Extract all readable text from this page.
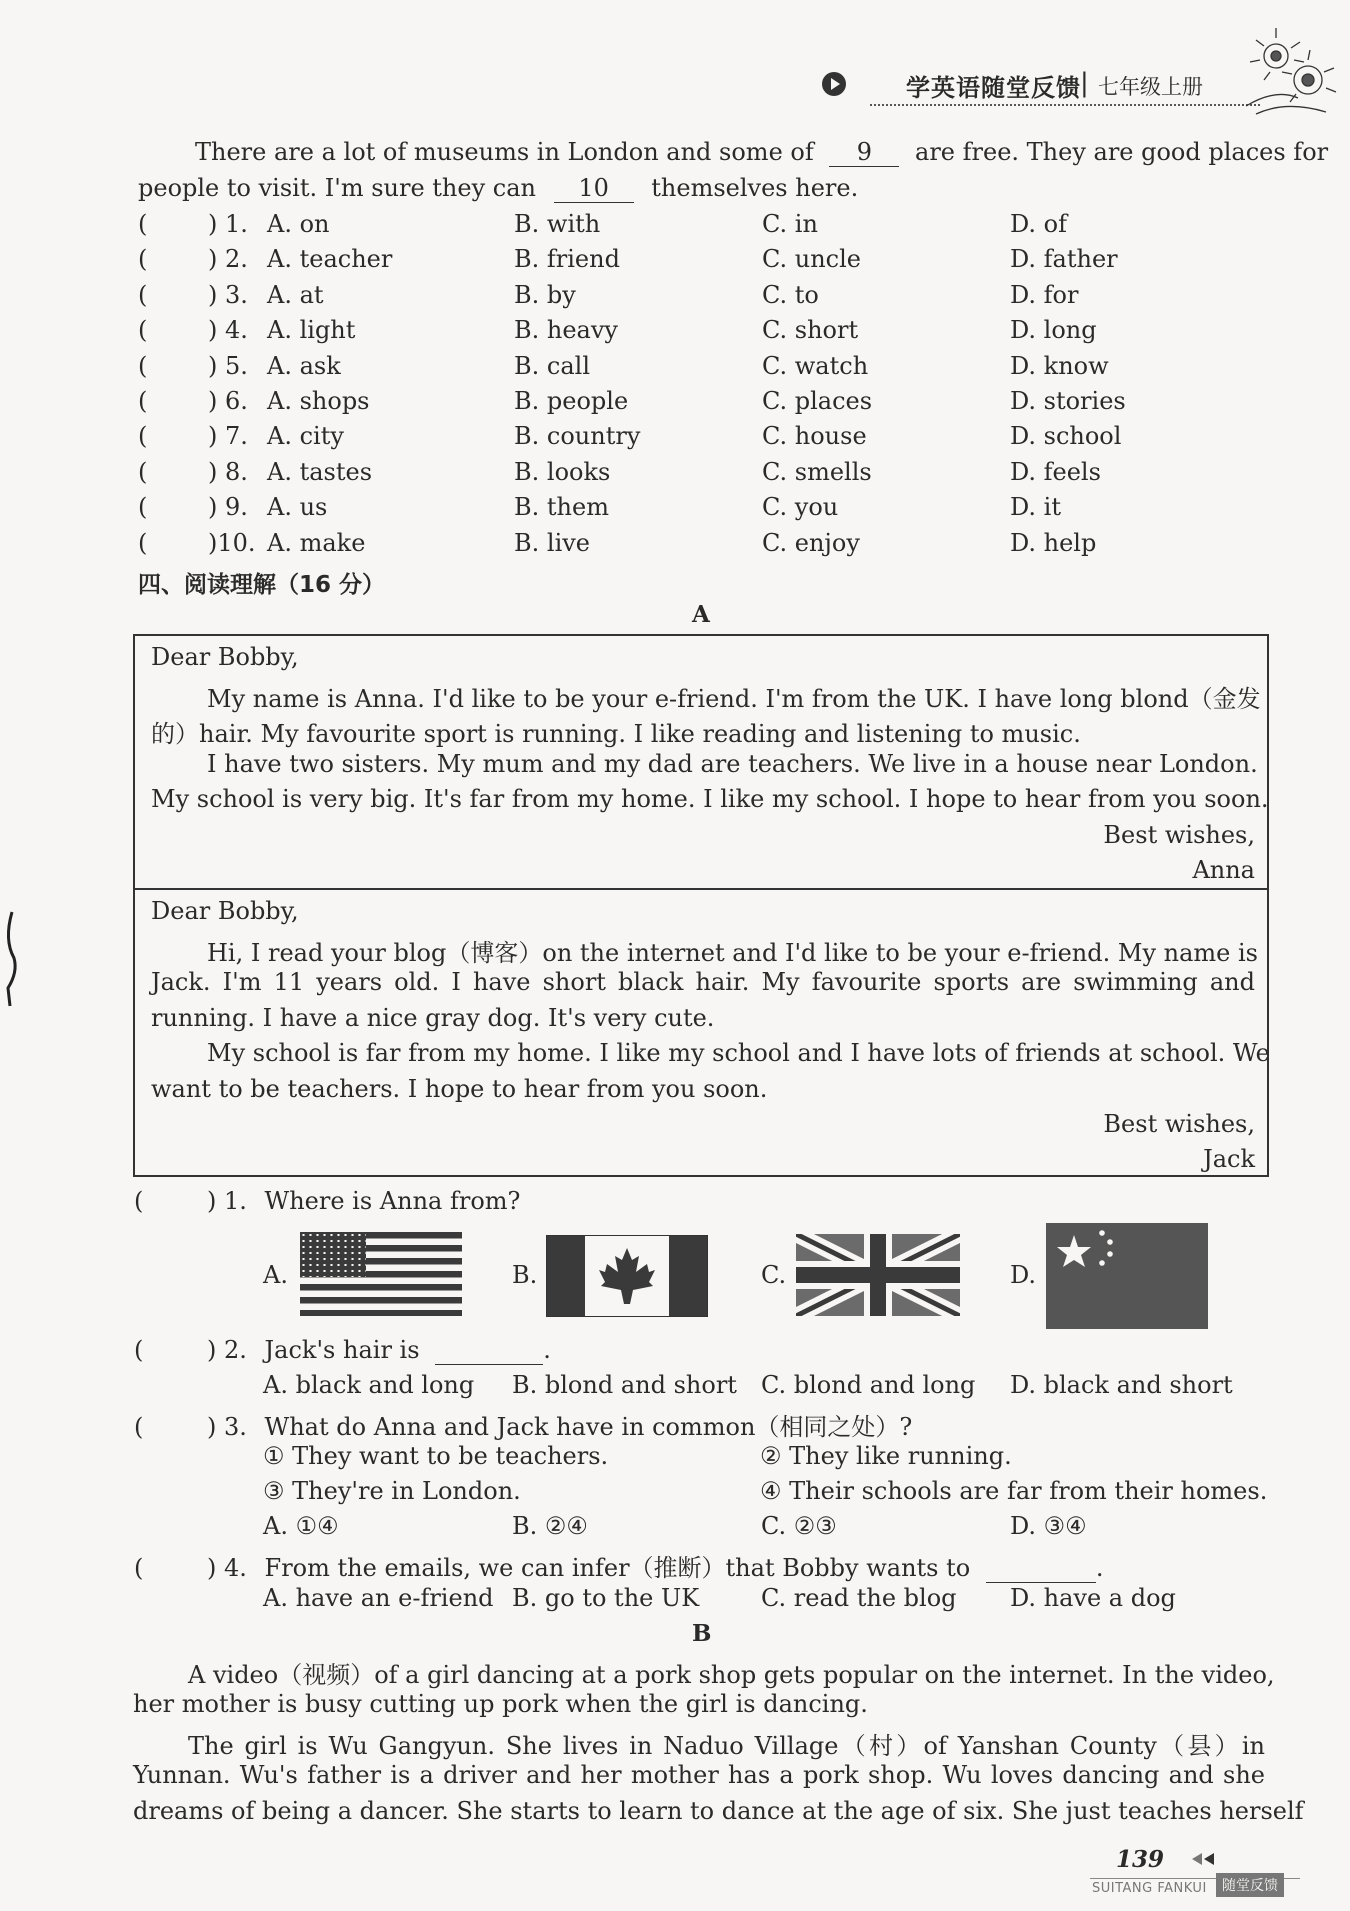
学英语随堂反馈 | 七年级上册
There are a lot of museums in London and some of 9 are free. They are good places for
people to visit. I'm sure they can 10 themselves here.
(	) 1. A. on	B. with	C. in	D. of
(	) 2. A. teacher	B. friend	C. uncle	D. father
(	) 3. A. at	B. by	C. to	D. for
(	) 4. A. light	B. heavy	C. short	D. long
(	) 5. A. ask	B. call	C. watch	D. know
(	) 6. A. shops	B. people	C. places	D. stories
(	) 7. A. city	B. country	C. house	D. school
(	) 8. A. tastes	B. looks	C. smells	D. feels
(	) 9. A. us	B. them	C. you	D. it
(	)10. A. make	B. live	C. enjoy	D. help
四、阅读理解（16 分）
A
Dear Bobby,
My name is Anna. I'd like to be your e-friend. I'm from the UK. I have long blond（金发
的）hair. My favourite sport is running. I like reading and listening to music.
I have two sisters. My mum and my dad are teachers. We live in a house near London.
My school is very big. It's far from my home. I like my school. I hope to hear from you soon.
Best wishes,
Anna
Dear Bobby,
Hi, I read your blog（博客）on the internet and I'd like to be your e-friend. My name is
Jack. I'm 11 years old. I have short black hair. My favourite sports are swimming and
running. I have a nice gray dog. It's very cute.
My school is far from my home. I like my school and I have lots of friends at school. We
want to be teachers. I hope to hear from you soon.
Best wishes,
Jack
(	) 1. Where is Anna from?
A.	B.	C.	D.
(	) 2. Jack's hair is	.
A. black and long B. blond and short C. blond and long D. black and short
(	) 3. What do Anna and Jack have in common（相同之处）?
① They want to be teachers.	② They like running.
③ They're in London.	④ Their schools are far from their homes.
A. ①④	B. ②④	C. ②③	D. ③④
(	) 4. From the emails, we can infer（推断）that Bobby wants to	.
A. have an e-friend B. go to the UK	C. read the blog D. have a dog
B
A video（视频）of a girl dancing at a pork shop gets popular on the internet. In the video,
her mother is busy cutting up pork when the girl is dancing.
The girl is Wu Gangyun. She lives in Naduo Village（村）of Yanshan County（县）in
Yunnan. Wu's father is a driver and her mother has a pork shop. Wu loves dancing and she
dreams of being a dancer. She starts to learn to dance at the age of six. She just teaches herself
139
SUITANG FANKUI	随堂反馈
